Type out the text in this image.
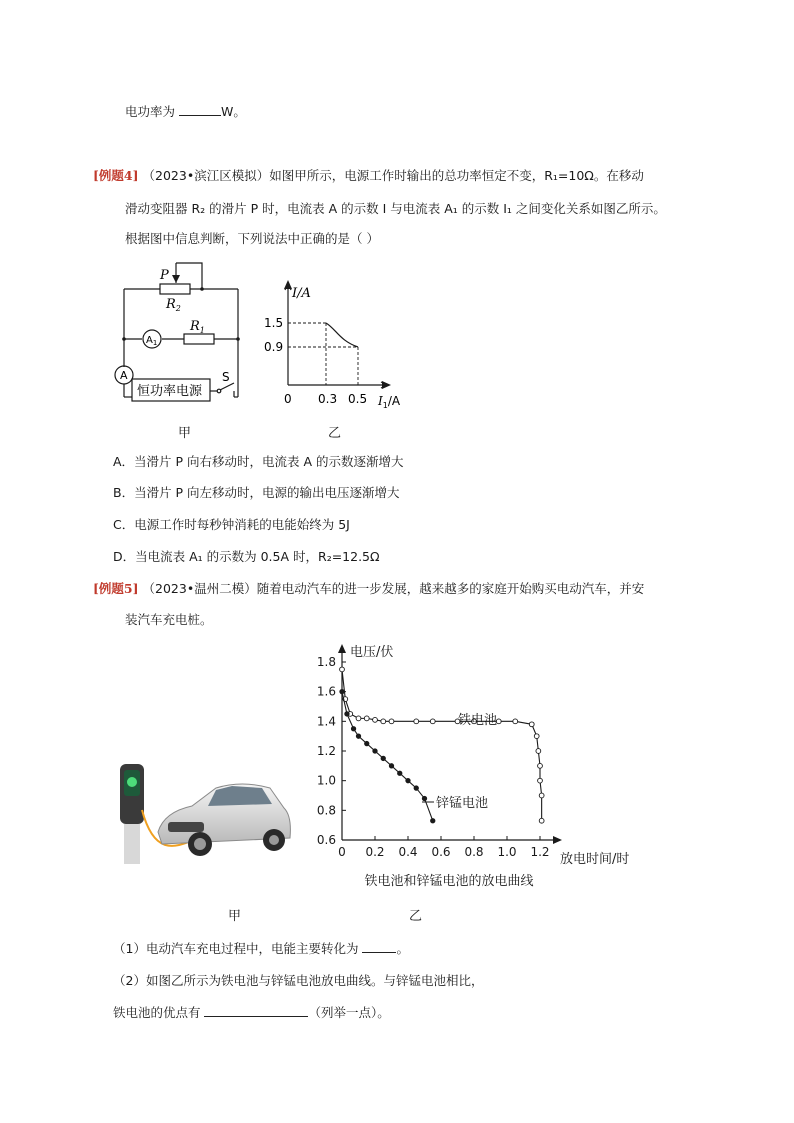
电功率为	W。
[例题4] （2023•滨江区模拟）如图甲所示，电源工作时输出的总功率恒定不变，R₁=10Ω。在移动
滑动变阻器 R₂ 的滑片 P 时，电流表 A 的示数 I 与电流表 A₁ 的示数 I₁ 之间变化关系如图乙所示。
根据图中信息判断，下列说法中正确的是（ ）
P
$R_2$
$R_1$
$A_1$
A	S
恒功率电源
I/A
1.5
0.9
0 0.3 0.5 $I_1/A$
甲	乙
A．当滑片 P 向右移动时，电流表 A 的示数逐渐增大
B．当滑片 P 向左移动时，电源的输出电压逐渐增大
C．电源工作时每秒钟消耗的电能始终为 5J
D．当电流表 A₁ 的示数为 0.5A 时，R₂=12.5Ω
[例题5] （2023•温州二模）随着电动汽车的进一步发展，越来越多的家庭开始购买电动汽车，并安
装汽车充电桩。
0.6
0.8
1.0
1.2
1.4
1.6
1.8
0 0.2 0.4 0.6 0.8 1.0 1.2
电压/伏
放电时间/时
铁电池和锌锰电池的放电曲线
铁电池
锌锰电池
甲	乙
（1）电动汽车充电过程中，电能主要转化为	。
（2）如图乙所示为铁电池与锌锰电池放电曲线。与锌锰电池相比，
铁电池的优点有	（列举一点）。
